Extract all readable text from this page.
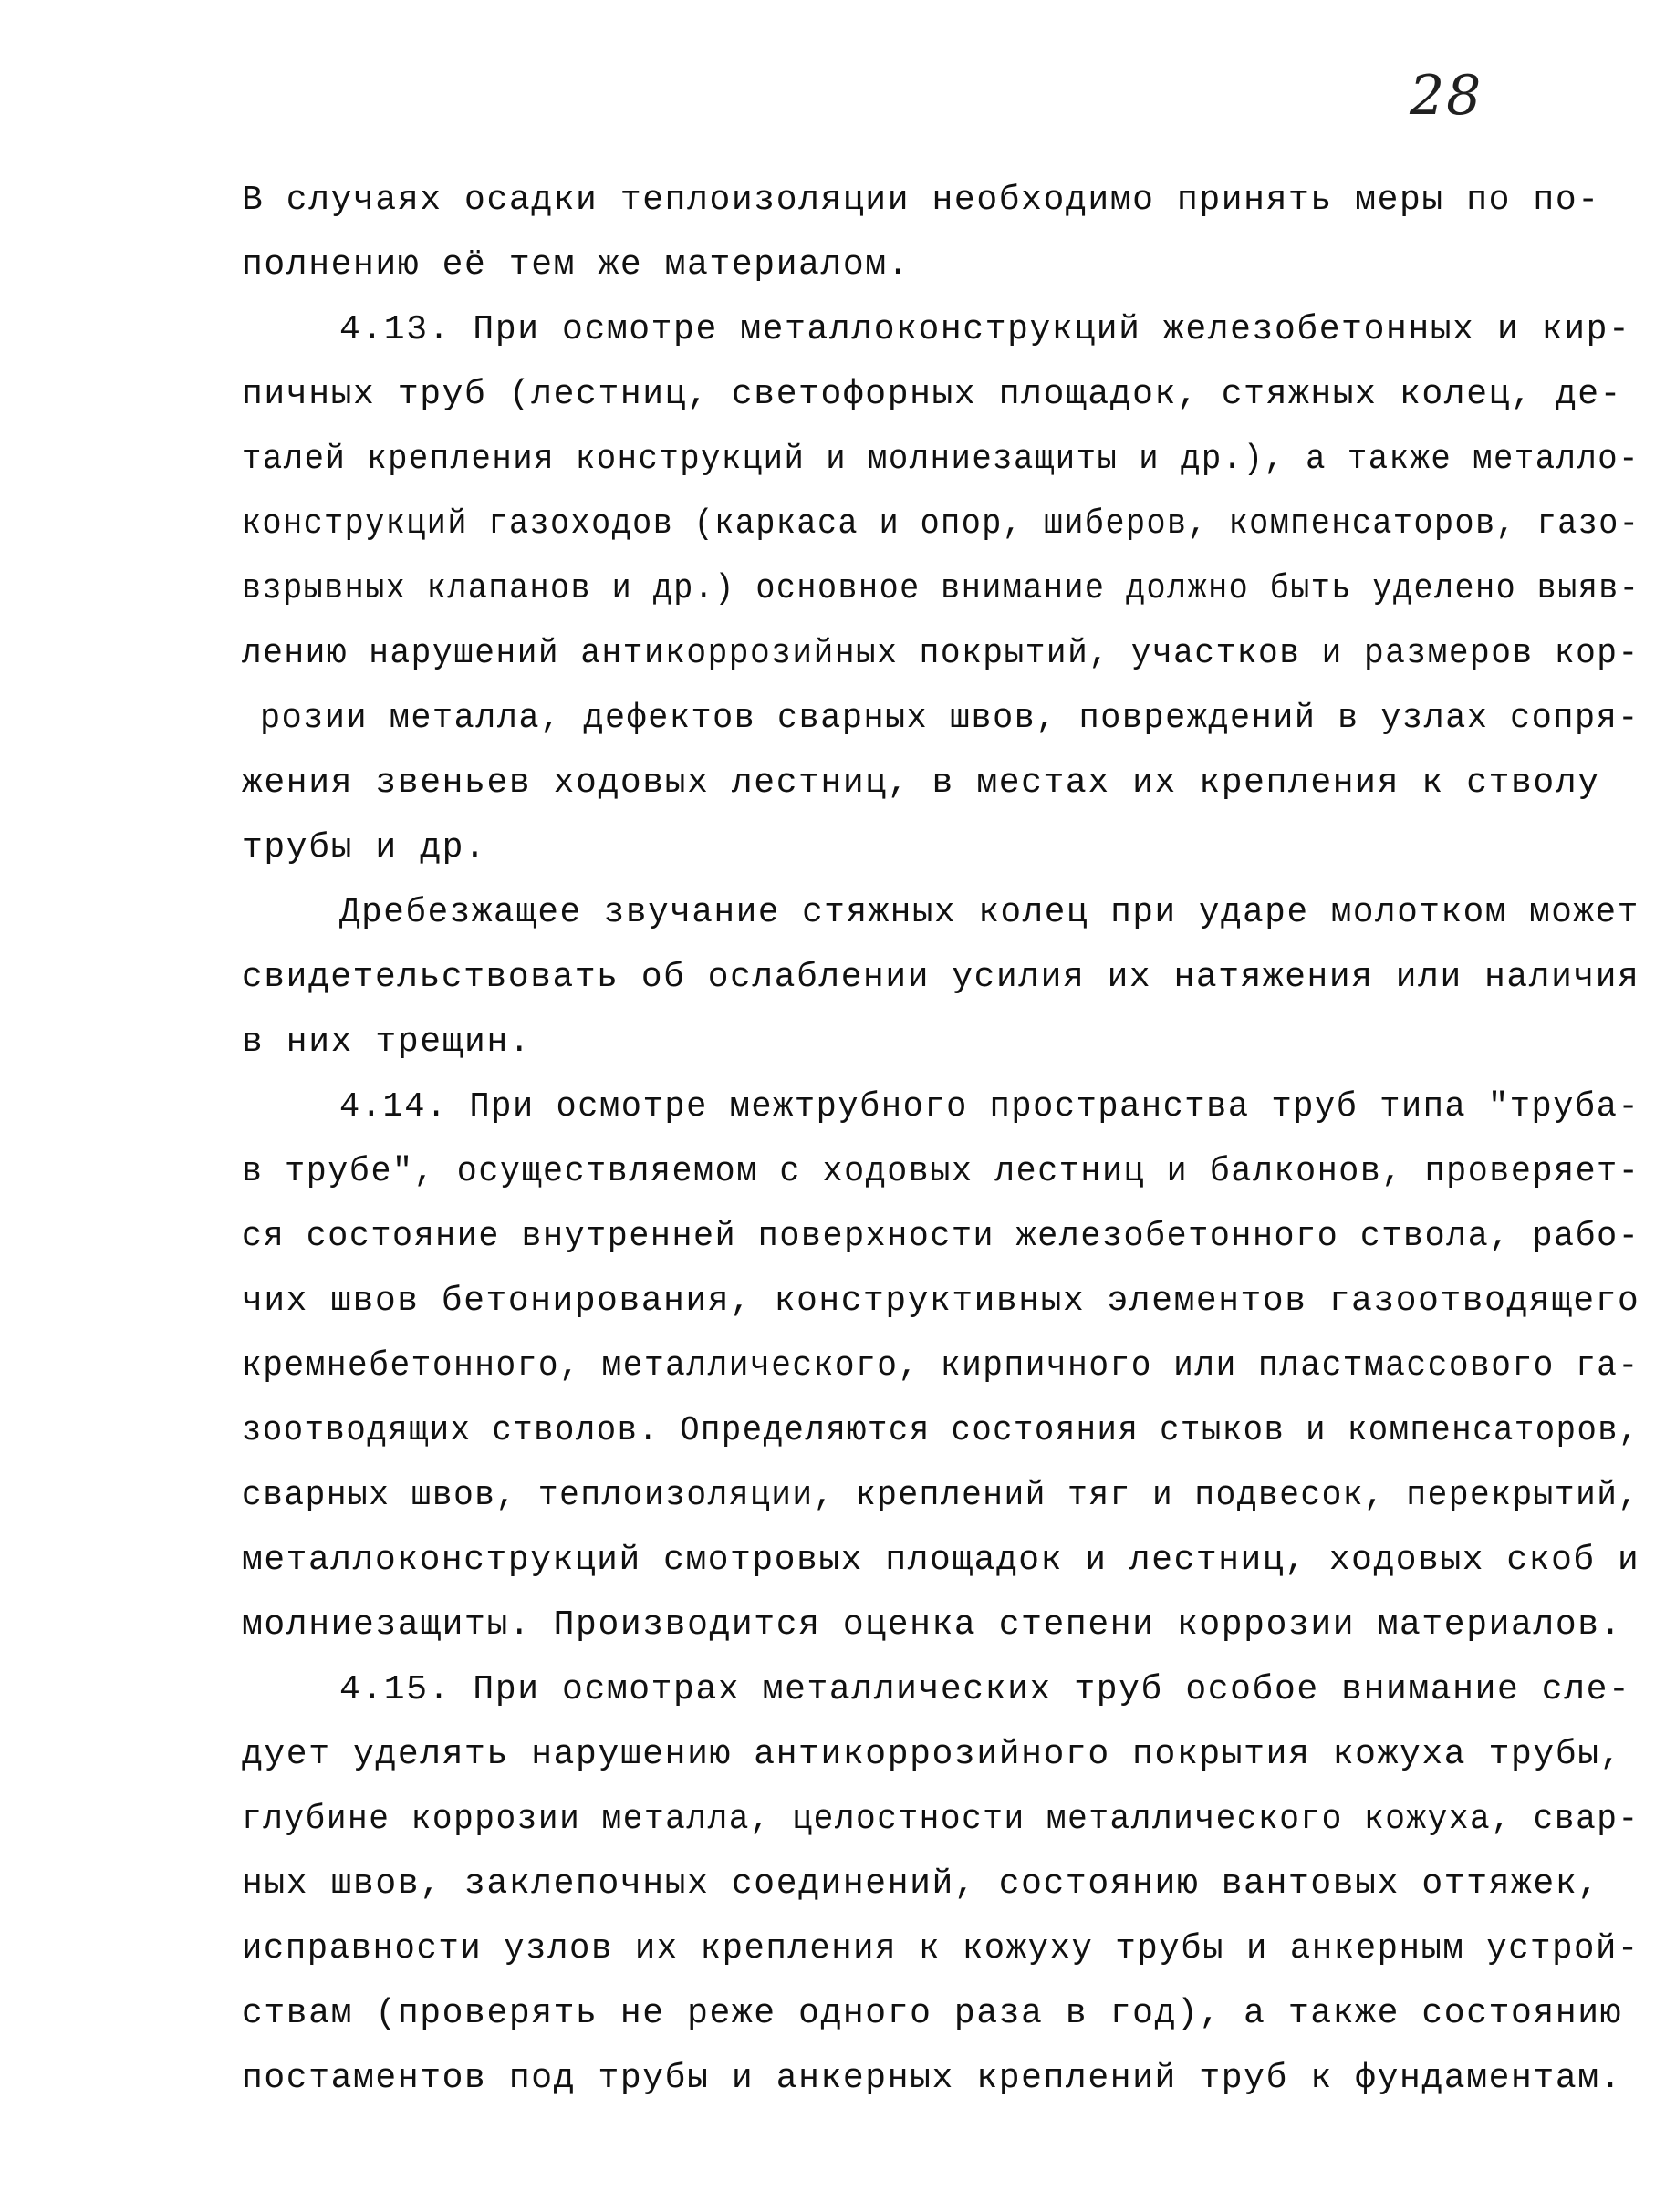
28
В случаях осадки теплоизоляции необходимо принять меры по по-
полнению её тем же материалом.
4.13. При осмотре металлоконструкций железобетонных и кир-
пичных труб (лестниц, светофорных площадок, стяжных колец, де-
талей крепления конструкций и молниезащиты и др.), а также металло-
конструкций газоходов (каркаса и опор, шиберов, компенсаторов, газо-
взрывных клапанов и др.) основное внимание должно быть уделено выяв-
лению нарушений антикоррозийных покрытий, участков и размеров кор-
розии металла, дефектов сварных швов, повреждений в узлах сопря-
жения звеньев ходовых лестниц, в местах их крепления к стволу
трубы и др.
Дребезжащее звучание стяжных колец при ударе молотком может
свидетельствовать об ослаблении усилия их натяжения или наличия
в них трещин.
4.14. При осмотре межтрубного пространства труб типа "труба-
в трубе", осуществляемом с ходовых лестниц и балконов, проверяет-
ся состояние внутренней поверхности железобетонного ствола, рабо-
чих швов бетонирования, конструктивных элементов газоотводящего
кремнебетонного, металлического, кирпичного или пластмассового га-
зоотводящих стволов. Определяются состояния стыков и компенсаторов,
сварных швов, теплоизоляции, креплений тяг и подвесок, перекрытий,
металлоконструкций смотровых площадок и лестниц, ходовых скоб и
молниезащиты. Производится оценка степени коррозии материалов.
4.15. При осмотрах металлических труб особое внимание сле-
дует уделять нарушению антикоррозийного покрытия кожуха трубы,
глубине коррозии металла, целостности металлического кожуха, свар-
ных швов, заклепочных соединений, состоянию вантовых оттяжек,
исправности узлов их крепления к кожуху трубы и анкерным устрой-
ствам (проверять не реже одного раза в год), а также состоянию
постаментов под трубы и анкерных креплений труб к фундаментам.
